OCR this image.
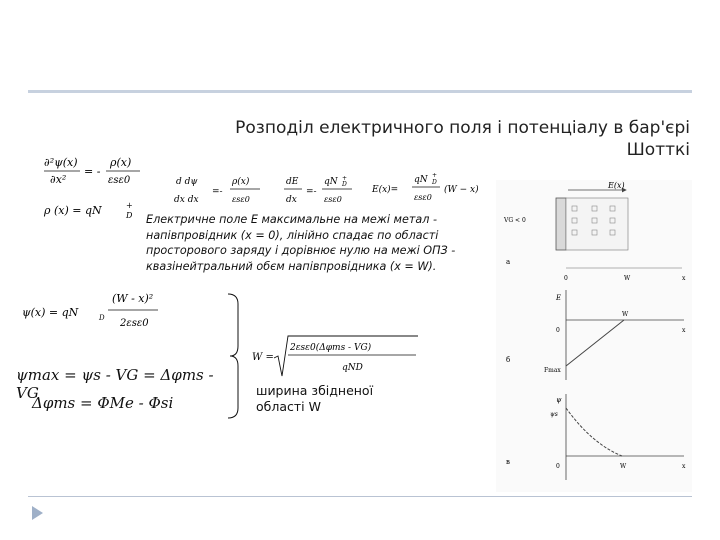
Розподіл електричного поля і потенціалу в бар'єрі Шотткі
∂²ψ(x)
∂x²
= -
ρ(x)
εsε0
ρ (x) = qN	+
D
d dψ
dx dx
=-
ρ(x)
εsε0
dE
dx
=-
qN +
D
εsε0
E(x)=
qN +
D
εsε0
(W − x)
Електричне поле E максимальне на межі метал - напівпровідник (x = 0), лінійно спадає по області просторового заряду і дорівнює нулю на межі ОПЗ - квазінейтральний обєм напівпровідника (x = W).
ψ(x) = qN	D
(W - x)²
2εsε0
ψmax = ψs - VG = Δφms - VG
Δφms = ΦMe - Φsi
W =
2εsε0(Δφms - VG)
qND
ширина збідненої області W
E(x)
VG < 0
а
0	W	x
E
x
0
W
Fmax
б
ψ
ψs
x
0	W
в
